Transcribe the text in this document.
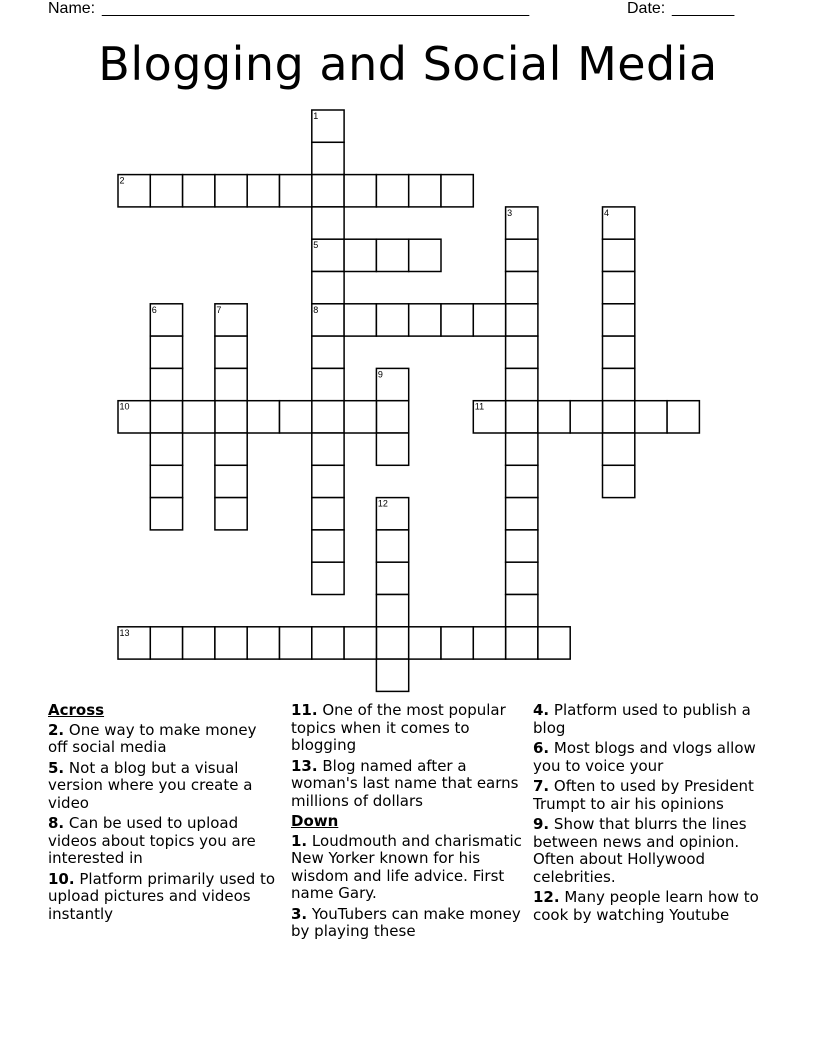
Name: ________________________________________________	Date: _______
Blogging and Social Media
1
2
3	4
5
6	7	8
9
10	11
12
13
Across
2. One way to make money off social media
5. Not a blog but a visual version where you create a video
8. Can be used to upload videos about topics you are interested in
10. Platform primarily used to upload pictures and videos instantly
11. One of the most popular topics when it comes to blogging
13. Blog named after a woman's last name that earns millions of dollars
Down
1. Loudmouth and charismatic New Yorker known for his wisdom and life advice. First name Gary.
3. YouTubers can make money by playing these
4. Platform used to publish a blog
6. Most blogs and vlogs allow you to voice your
7. Often to used by President Trumpt to air his opinions
9. Show that blurrs the lines between news and opinion. Often about Hollywood celebrities.
12. Many people learn how to cook by watching Youtube
